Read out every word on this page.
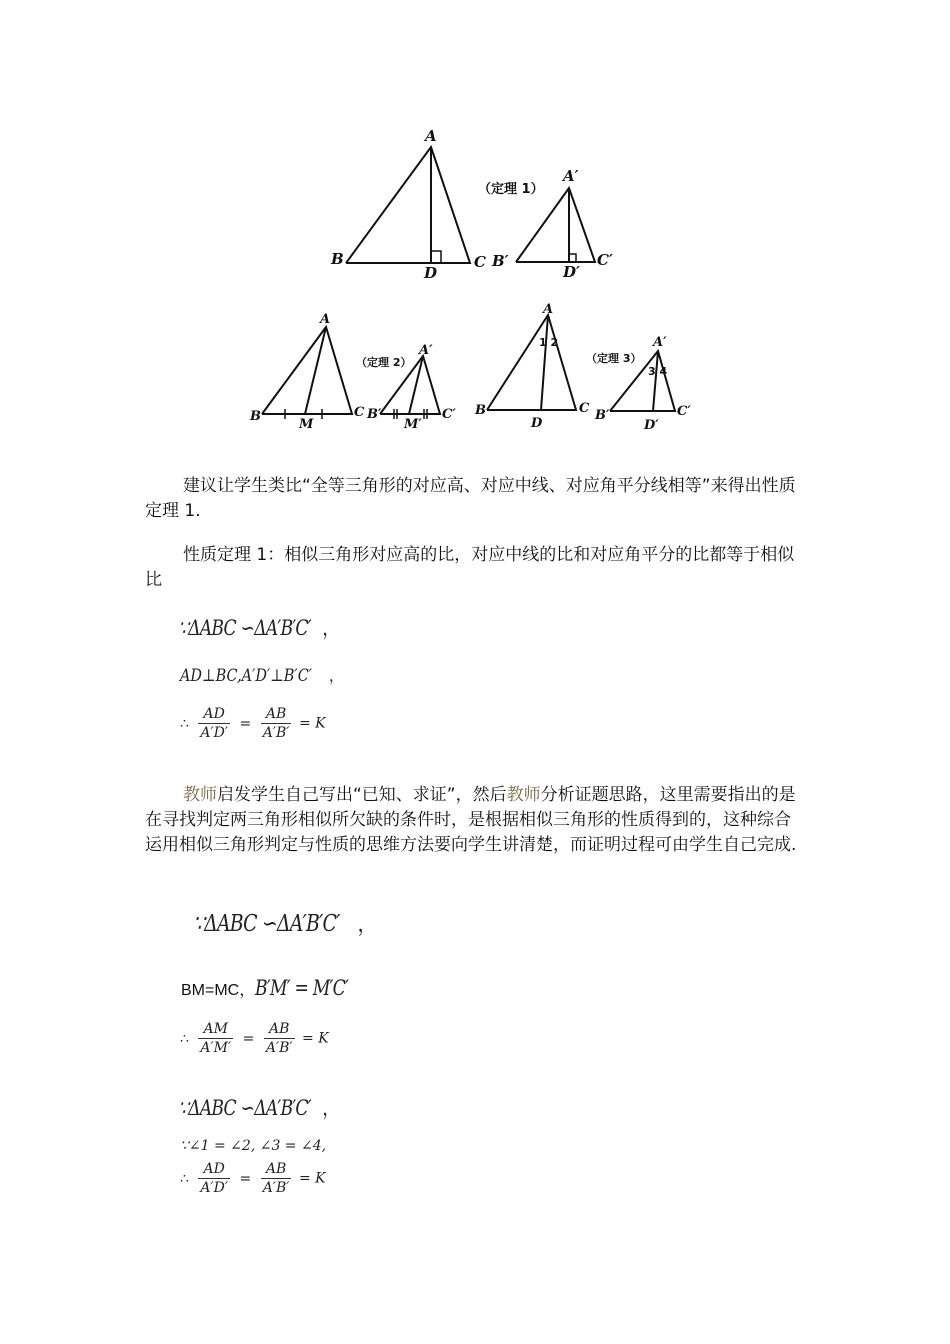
A
B	C
D
A′
B′	C′
D′
（定理 1）
A
B	C
M
A′
B′	C′
M′
（定理 2）
A
B	C
D
1 2	A′
B′	C′
D′
3 4
（定理 3）

建议让学生类比“全等三角形的对应高、对应中线、对应角平分线相等”来得出性质定理 1.

性质定理 1：相似三角形对应高的比，对应中线的比和对应角平分的比都等于相似比

∵ΔABC ∽ΔA′B′C′ ，
AD⊥BC,A′D′⊥B′C′ ，
∴ $\frac{AD}{A'D'} = \frac{AB}{A'B'} = K$

教师启发学生自己写出“已知、求证”，然后教师分析证题思路，这里需要指出的是在寻找判定两三角形相似所欠缺的条件时，是根据相似三角形的性质得到的，这种综合运用相似三角形判定与性质的思维方法要向学生讲清楚，而证明过程可由学生自己完成.

∵ΔABC ∽ΔA′B′C′ ，
BM=MC，B′M′ = M′C′
∴ $\frac{AM}{A'M'} = \frac{AB}{A'B'} = K$
∵ΔABC ∽ΔA′B′C′ ，
∵∠1 = ∠2, ∠3 = ∠4,
∴ $\frac{AD}{A'D'} = \frac{AB}{A'B'} = K$
